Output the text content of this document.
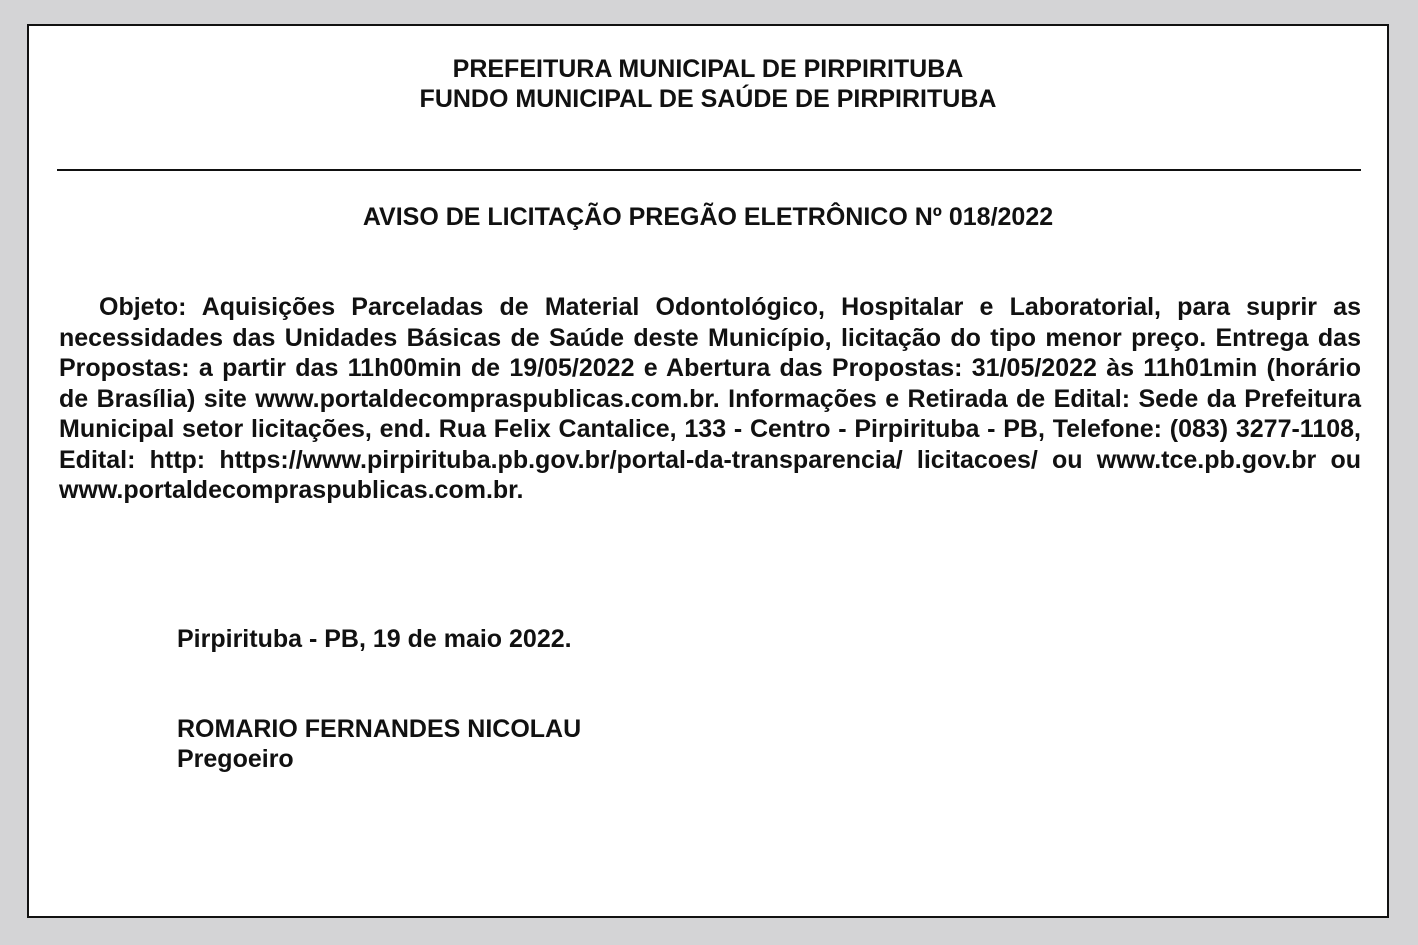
PREFEITURA MUNICIPAL DE PIRPIRITUBA
FUNDO MUNICIPAL DE SAÚDE DE PIRPIRITUBA
AVISO DE LICITAÇÃO PREGÃO ELETRÔNICO Nº 018/2022

Objeto: Aquisições Parceladas de Material Odontológico, Hospitalar e Laboratorial, para suprir as necessidades das Unidades Básicas de Saúde deste Município, licitação do tipo menor preço. Entrega das Propostas: a partir das 11h00min de 19/05/2022 e Abertura das Propostas: 31/05/2022 às 11h01min (horário de Brasília) site www.portaldecompraspublicas.com.br. Informações e Retirada de Edital: Sede da Prefeitura Municipal setor licitações, end. Rua Felix Cantalice, 133 - Centro - Pirpirituba - PB, Telefone: (083) 3277-1108, Edital: http: https://www.pirpirituba.pb.gov.br/portal-da-transparencia/ licitacoes/ ou www.tce.pb.gov.br ou www.portaldecompraspublicas.com.br.

Pirpirituba - PB, 19 de maio 2022.
ROMARIO FERNANDES NICOLAU
Pregoeiro
